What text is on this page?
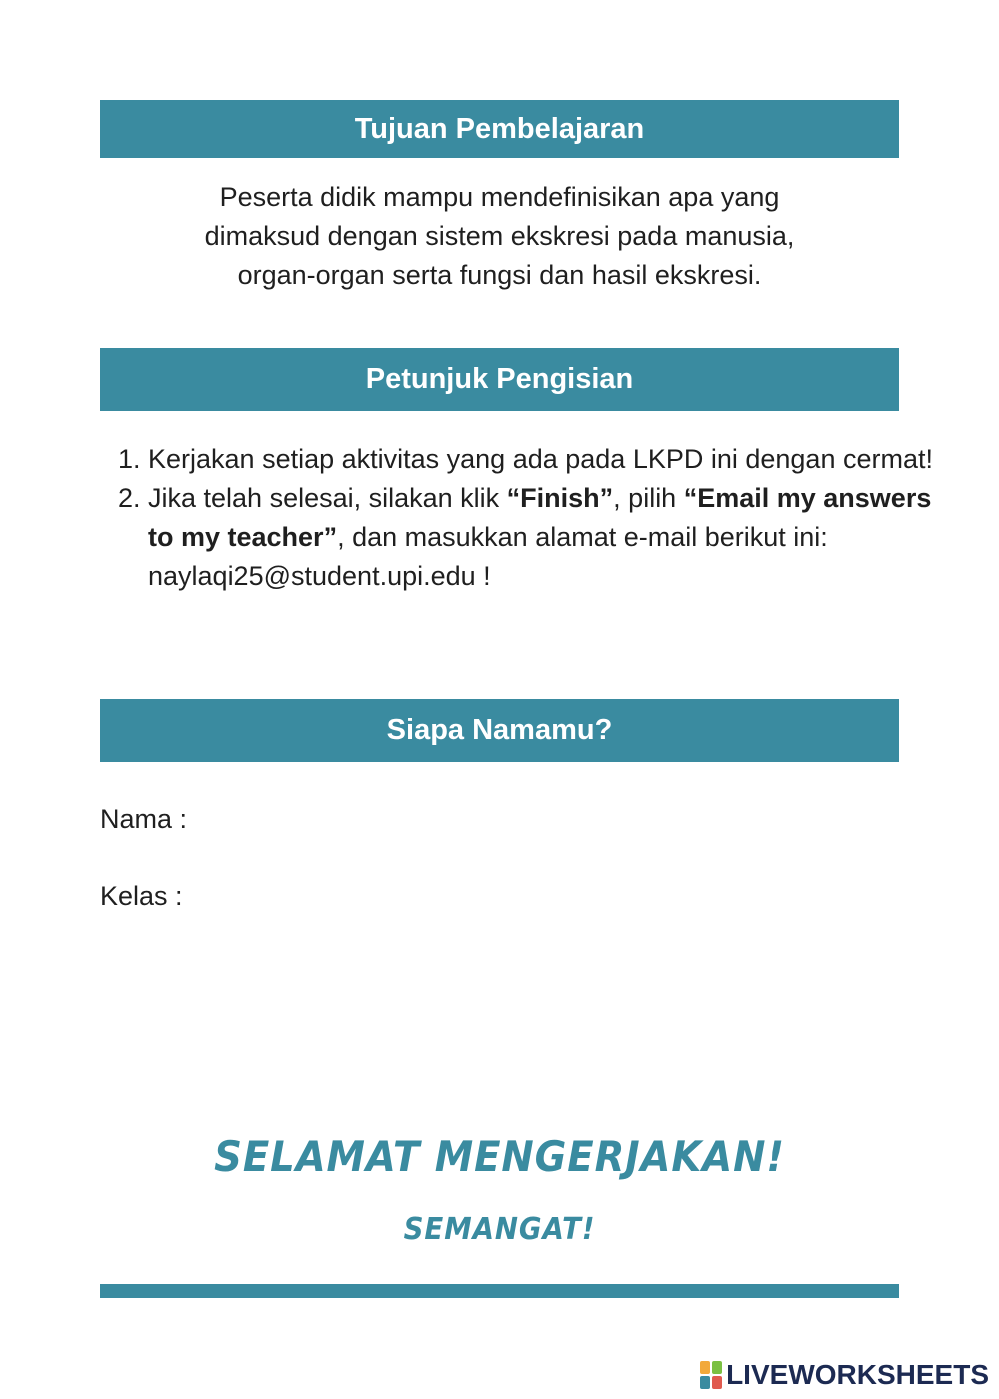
Tujuan Pembelajaran
Peserta didik mampu mendefinisikan apa yang
dimaksud dengan sistem ekskresi pada manusia,
organ-organ serta fungsi dan hasil ekskresi.
Petunjuk Pengisian
1. Kerjakan setiap aktivitas yang ada pada LKPD ini dengan cermat!
2. Jika telah selesai, silakan klik “Finish”, pilih “Email my answers to my teacher”, dan masukkan alamat e-mail berikut ini: naylaqi25@student.upi.edu !
Siapa Namamu?
Nama :
Kelas :
SELAMAT MENGERJAKAN!
SEMANGAT!
LIVEWORKSHEETS
